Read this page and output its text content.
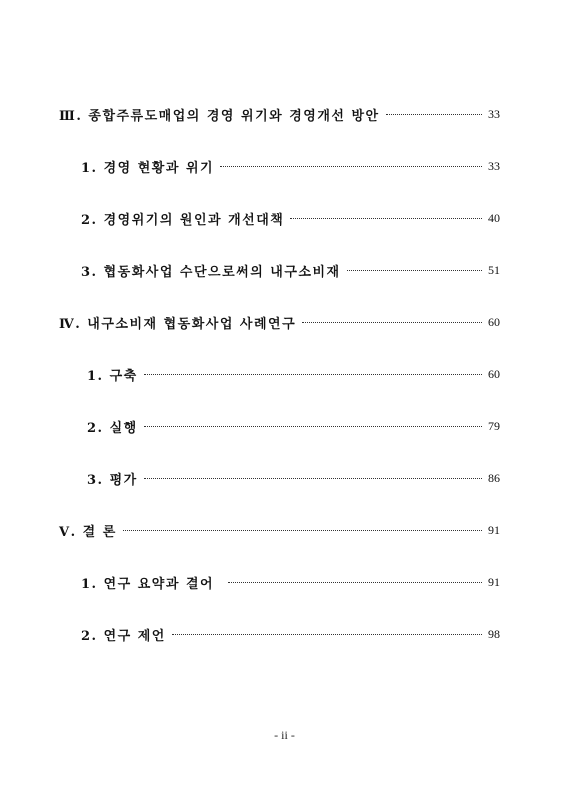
Ⅲ. 종합주류도매업의 경영 위기와 경영개선 방안	33
1. 경영 현황과 위기	33
2. 경영위기의 원인과 개선대책	40
3. 협동화사업 수단으로써의 내구소비재	51
Ⅳ. 내구소비재 협동화사업 사례연구	60
1. 구축	60
2. 실행	79
3. 평가	86
Ⅴ. 결 론	91
1. 연구 요약과 결어	91
2. 연구 제언	98
- ii -
